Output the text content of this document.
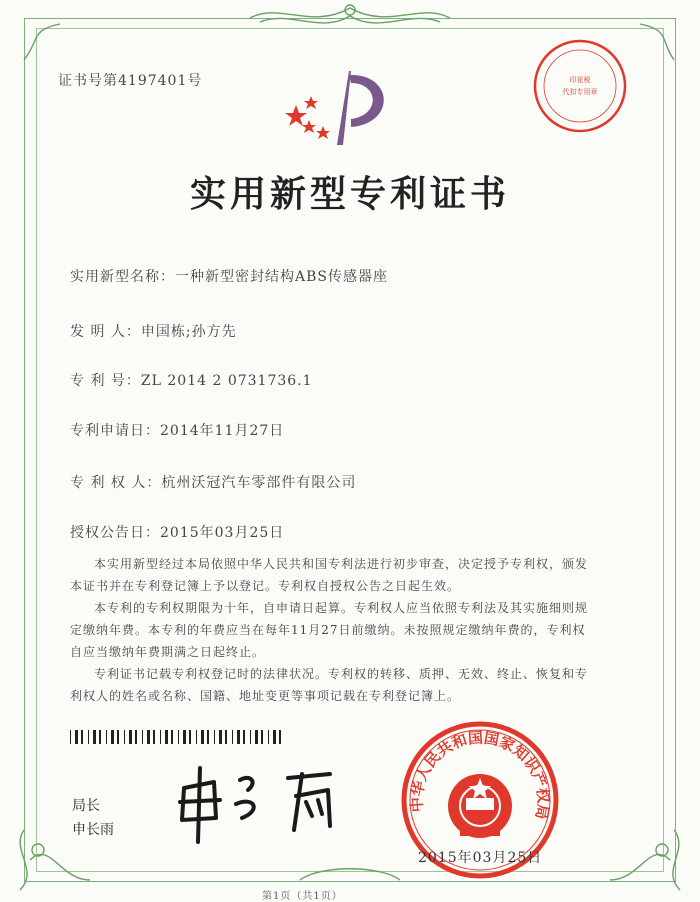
证书号第4197401号
实用新型专利证书
实用新型名称：一种新型密封结构ABS传感器座
发 明 人：申国栋;孙方先
专 利 号：ZL 2014 2 0731736.1
专利申请日：2014年11月27日
专 利 权 人：杭州沃冠汽车零部件有限公司
授权公告日：2015年03月25日

本实用新型经过本局依照中华人民共和国专利法进行初步审查，决定授予专利权，颁发本证书并在专利登记簿上予以登记。专利权自授权公告之日起生效。

本专利的专利权期限为十年，自申请日起算。专利权人应当依照专利法及其实施细则规定缴纳年费。本专利的年费应当在每年11月27日前缴纳。未按照规定缴纳年费的，专利权自应当缴纳年费期满之日起终止。

专利证书记载专利权登记时的法律状况。专利权的转移、质押、无效、终止、恢复和专利权人的姓名或名称、国籍、地址变更等事项记载在专利登记簿上。

局长
申长雨
印花税
代扣专用章
中华人民共和国国家知识产权局
2015年03月25日
第1页（共1页）
